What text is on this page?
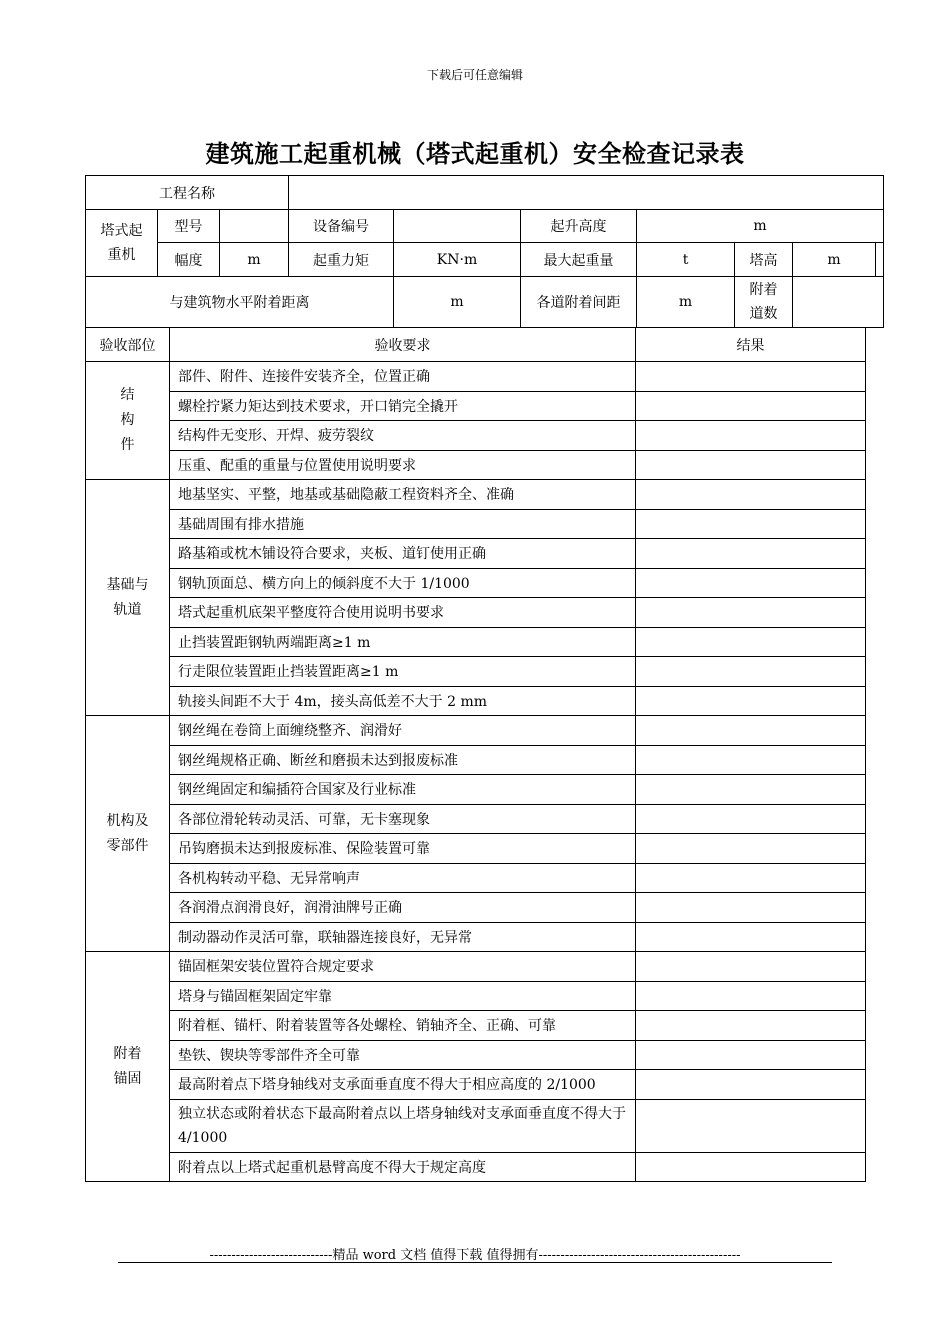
下载后可任意编辑
建筑施工起重机械（塔式起重机）安全检查记录表
工程名称									
塔式起
重机	型号		设备编号		起升高度	m			
	幅度	m	起重力矩	KN·m	最大起重量	t	塔高	m	
与建筑物水平附着距离				m	各道附着间距	m	附着
道数		
验收部位	验收要求	结果
结
构
件	部件、附件、连接件安装齐全，位置正确	
	螺栓拧紧力矩达到技术要求，开口销完全撬开	
	结构件无变形、开焊、疲劳裂纹	
	压重、配重的重量与位置使用说明要求	
基础与
轨道	地基坚实、平整，地基或基础隐蔽工程资料齐全、准确	
	基础周围有排水措施	
	路基箱或枕木铺设符合要求，夹板、道钉使用正确	
	钢轨顶面总、横方向上的倾斜度不大于 1/1000	
	塔式起重机底架平整度符合使用说明书要求	
	止挡装置距钢轨两端距离≥1 m	
	行走限位装置距止挡装置距离≥1 m	
	轨接头间距不大于 4m，接头高低差不大于 2 mm	
机构及
零部件	钢丝绳在卷筒上面缠绕整齐、润滑好	
	钢丝绳规格正确、断丝和磨损未达到报废标准	
	钢丝绳固定和编插符合国家及行业标准	
	各部位滑轮转动灵活、可靠，无卡塞现象	
	吊钩磨损未达到报废标准、保险装置可靠	
	各机构转动平稳、无异常响声	
	各润滑点润滑良好，润滑油牌号正确	
	制动器动作灵活可靠，联轴器连接良好，无异常	
附着
锚固	锚固框架安装位置符合规定要求	
	塔身与锚固框架固定牢靠	
	附着框、锚杆、附着装置等各处螺栓、销轴齐全、正确、可靠	
	垫铁、锲块等零部件齐全可靠	
	最高附着点下塔身轴线对支承面垂直度不得大于相应高度的 2/1000	
	独立状态或附着状态下最高附着点以上塔身轴线对支承面垂直度不得大于 4/1000	
	附着点以上塔式起重机悬臂高度不得大于规定高度	
----------------------------精品 word 文档 值得下载 值得拥有----------------------------------------------
